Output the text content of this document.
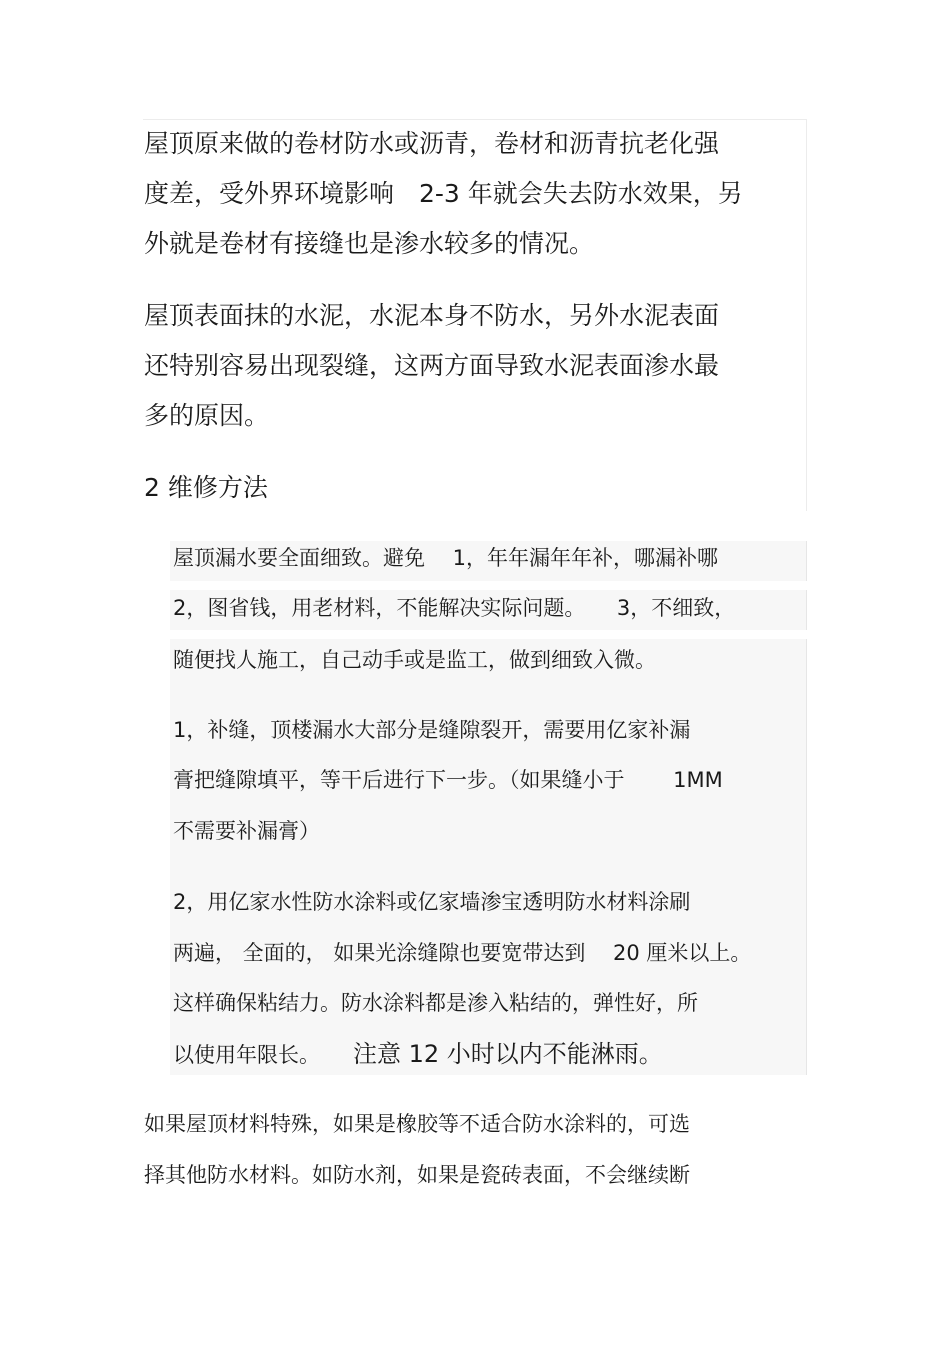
屋顶原来做的卷材防水或沥青，卷材和沥青抗老化强
度差，受外界环境影响　2-3 年就会失去防水效果，另
外就是卷材有接缝也是渗水较多的情况。
屋顶表面抹的水泥，水泥本身不防水，另外水泥表面
还特别容易出现裂缝，这两方面导致水泥表面渗水最
多的原因。
2 维修方法
屋顶漏水要全面细致。避免　 1，年年漏年年补，哪漏补哪
2，图省钱，用老材料，不能解决实际问题。　　3，不细致，
随便找人施工，自己动手或是监工，做到细致入微。
1，补缝，顶楼漏水大部分是缝隙裂开，需要用亿家补漏
膏把缝隙填平，等干后进行下一步。（如果缝小于　　 1MM
不需要补漏膏）
2，用亿家水性防水涂料或亿家墙渗宝透明防水材料涂刷
两遍， 全面的， 如果光涂缝隙也要宽带达到　 20 厘米以上。
这样确保粘结力。防水涂料都是渗入粘结的，弹性好，所
以使用年限长。 注意 12 小时以内不能淋雨。
如果屋顶材料特殊，如果是橡胶等不适合防水涂料的，可选
择其他防水材料。如防水剂，如果是瓷砖表面，不会继续断
